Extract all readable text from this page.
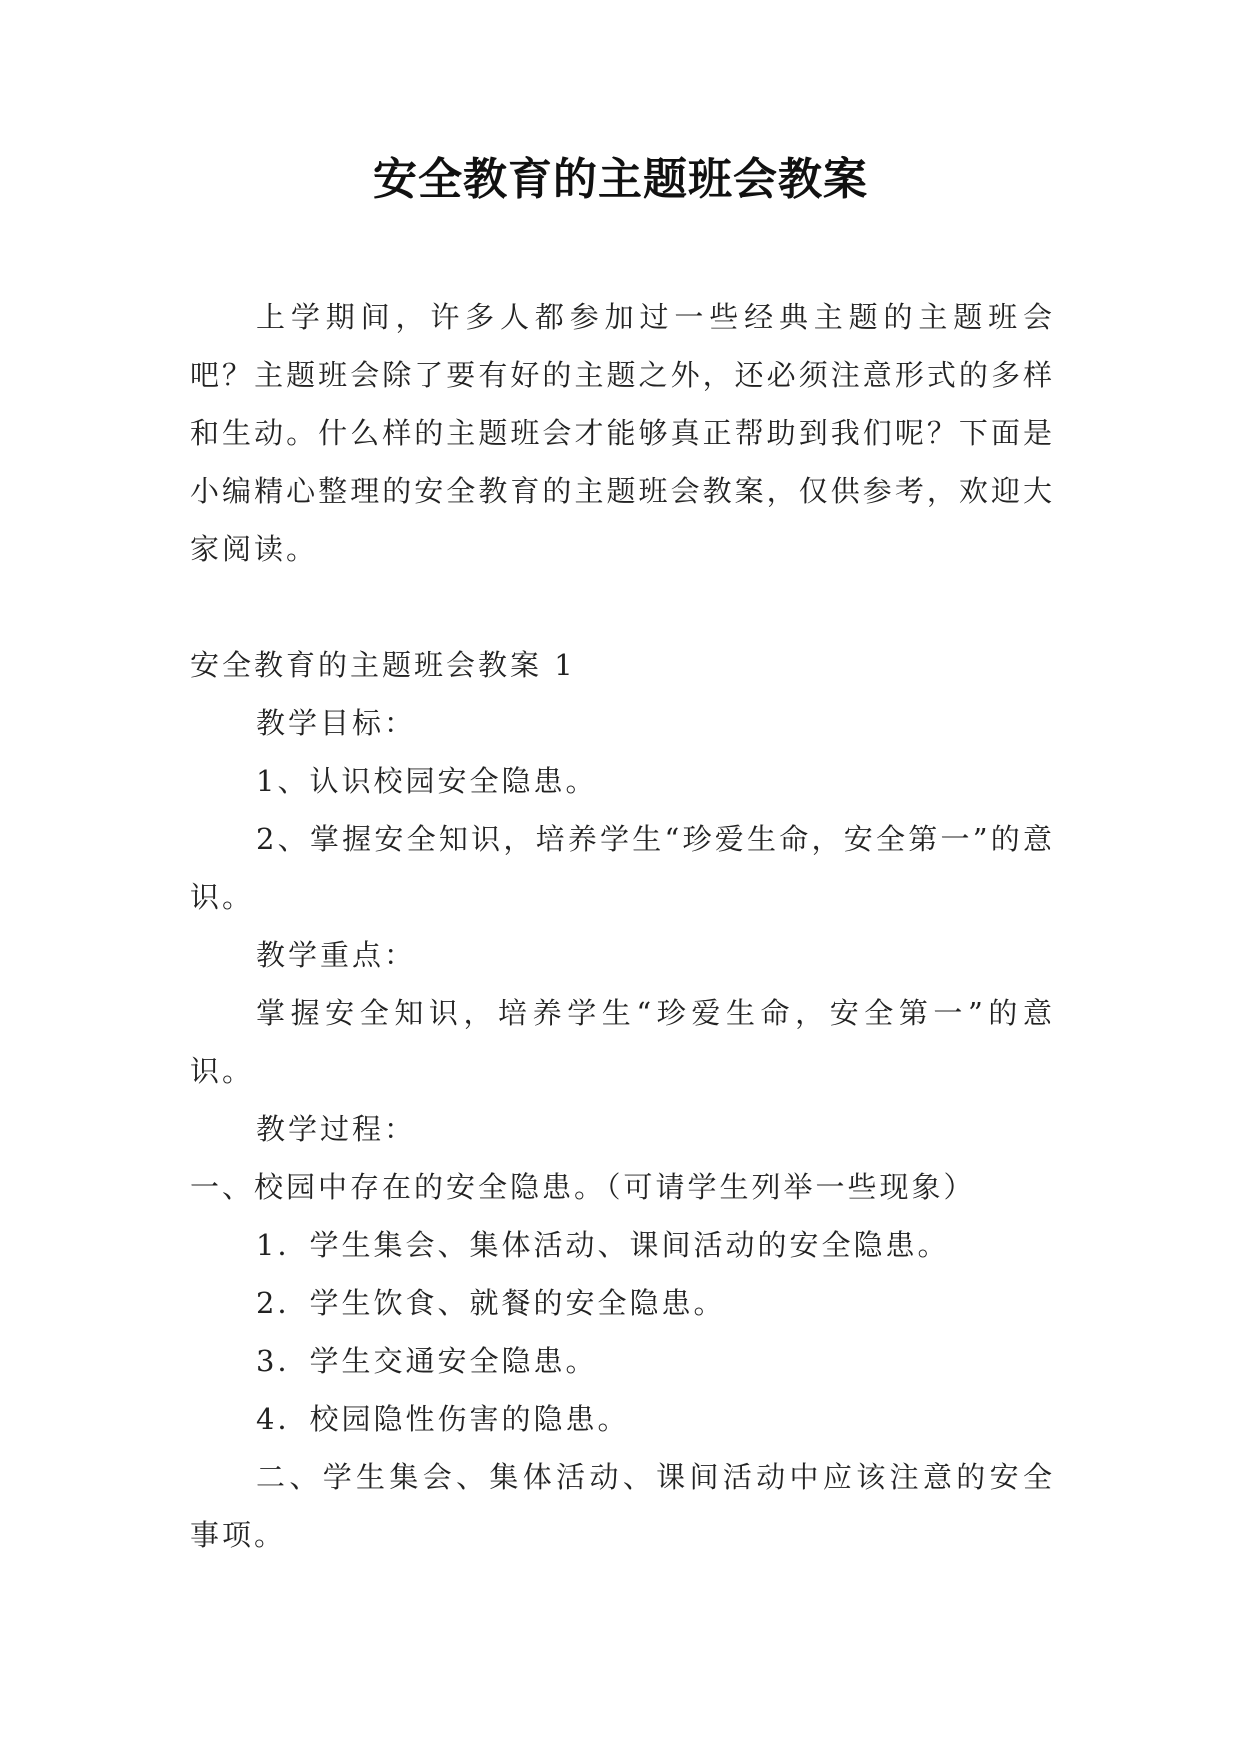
安全教育的主题班会教案

上学期间，许多人都参加过一些经典主题的主题班会吧？主题班会除了要有好的主题之外，还必须注意形式的多样和生动。什么样的主题班会才能够真正帮助到我们呢？下面是小编精心整理的安全教育的主题班会教案，仅供参考，欢迎大家阅读。

安全教育的主题班会教案 1

教学目标：

1、认识校园安全隐患。

2、掌握安全知识，培养学生“珍爱生命，安全第一”的意识。

教学重点：

掌握安全知识，培养学生“珍爱生命，安全第一”的意识。

教学过程：

一、校园中存在的安全隐患。（可请学生列举一些现象）

1．学生集会、集体活动、课间活动的安全隐患。

2．学生饮食、就餐的安全隐患。

3．学生交通安全隐患。

4．校园隐性伤害的隐患。

二、学生集会、集体活动、课间活动中应该注意的安全事项。
